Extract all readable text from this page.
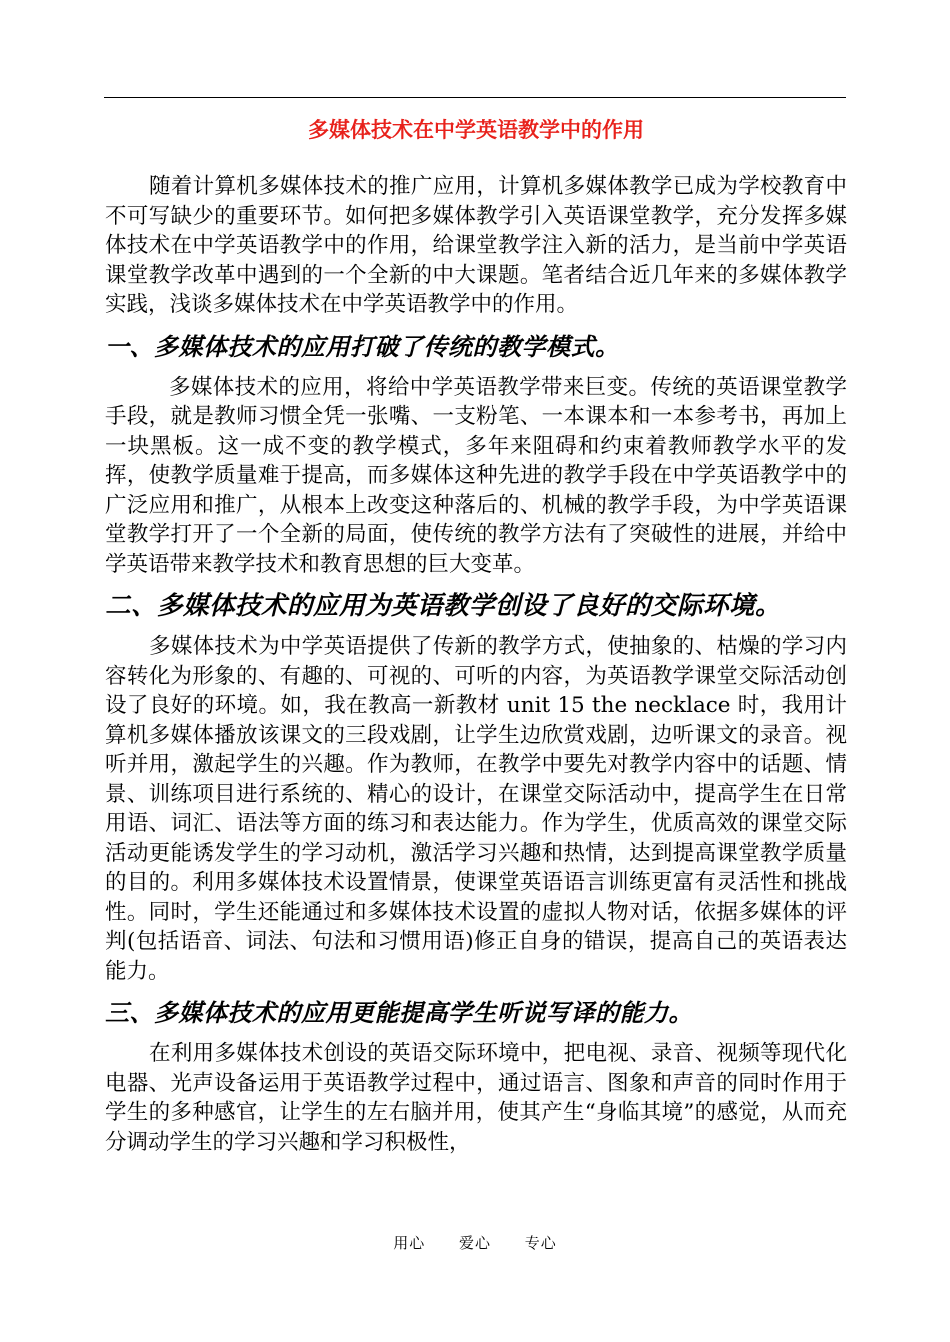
多媒体技术在中学英语教学中的作用

随着计算机多媒体技术的推广应用，计算机多媒体教学已成为学校教育中不可写缺少的重要环节。如何把多媒体教学引入英语课堂教学，充分发挥多媒体技术在中学英语教学中的作用，给课堂教学注入新的活力，是当前中学英语课堂教学改革中遇到的一个全新的中大课题。笔者结合近几年来的多媒体教学实践，浅谈多媒体技术在中学英语教学中的作用。

一、多媒体技术的应用打破了传统的教学模式。

多媒体技术的应用，将给中学英语教学带来巨变。传统的英语课堂教学手段，就是教师习惯全凭一张嘴、一支粉笔、一本课本和一本参考书，再加上一块黑板。这一成不变的教学模式，多年来阻碍和约束着教师教学水平的发挥，使教学质量难于提高，而多媒体这种先进的教学手段在中学英语教学中的广泛应用和推广，从根本上改变这种落后的、机械的教学手段，为中学英语课堂教学打开了一个全新的局面，使传统的教学方法有了突破性的进展，并给中学英语带来教学技术和教育思想的巨大变革。

二、多媒体技术的应用为英语教学创设了良好的交际环境。

多媒体技术为中学英语提供了传新的教学方式，使抽象的、枯燥的学习内容转化为形象的、有趣的、可视的、可听的内容，为英语教学课堂交际活动创设了良好的环境。如，我在教高一新教材 unit 15 the necklace 时，我用计算机多媒体播放该课文的三段戏剧，让学生边欣赏戏剧，边听课文的录音。视听并用，激起学生的兴趣。作为教师，在教学中要先对教学内容中的话题、情景、训练项目进行系统的、精心的设计，在课堂交际活动中，提高学生在日常用语、词汇、语法等方面的练习和表达能力。作为学生，优质高效的课堂交际活动更能诱发学生的学习动机，激活学习兴趣和热情，达到提高课堂教学质量的目的。利用多媒体技术设置情景，使课堂英语语言训练更富有灵活性和挑战性。同时，学生还能通过和多媒体技术设置的虚拟人物对话，依据多媒体的评判(包括语音、词法、句法和习惯用语)修正自身的错误，提高自己的英语表达能力。

三、多媒体技术的应用更能提高学生听说写译的能力。

在利用多媒体技术创设的英语交际环境中，把电视、录音、视频等现代化电器、光声设备运用于英语教学过程中，通过语言、图象和声音的同时作用于学生的多种感官，让学生的左右脑并用，使其产生“身临其境”的感觉，从而充分调动学生的学习兴趣和学习积极性，

用心 爱心 专心
